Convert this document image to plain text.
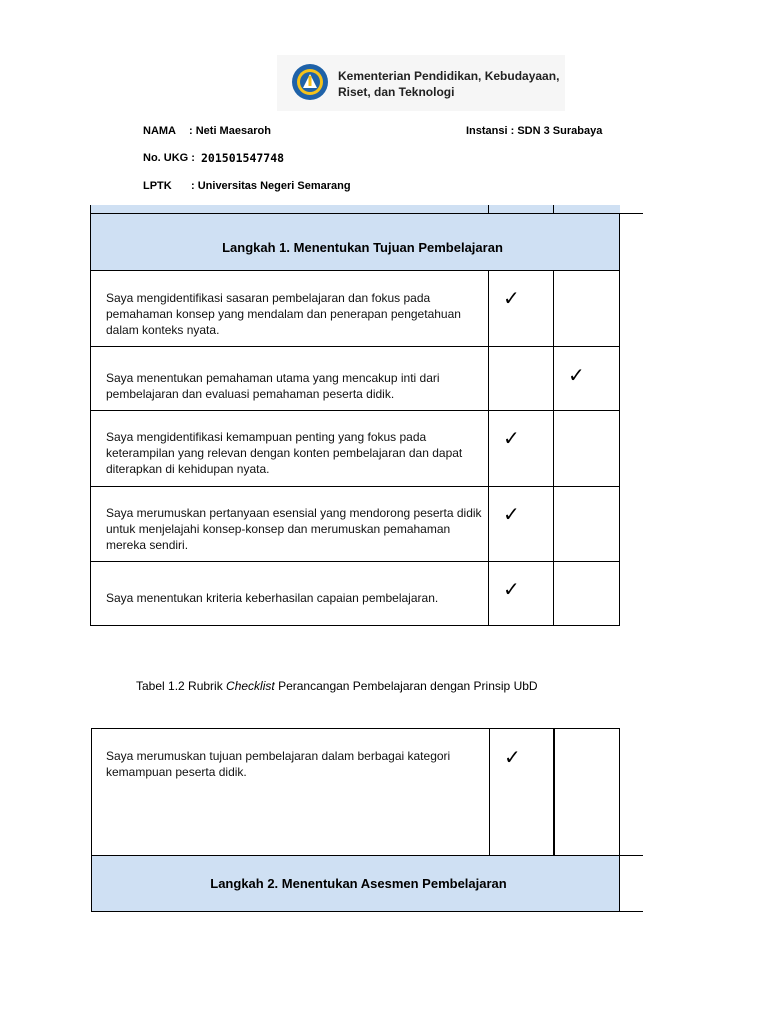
Kementerian Pendidikan, Kebudayaan,
Riset, dan Teknologi
NAMA : Neti Maesaroh	Instansi : SDN 3 Surabaya
No. UKG : 201501547748
LPTK : Universitas Negeri Semarang
Langkah 1. Menentukan Tujuan Pembelajaran
Saya mengidentifikasi sasaran pembelajaran dan fokus pada pemahaman konsep yang mendalam dan penerapan pengetahuan dalam konteks nyata.
✓
Saya menentukan pemahaman utama yang mencakup inti dari pembelajaran dan evaluasi pemahaman peserta didik.
✓
Saya mengidentifikasi kemampuan penting yang fokus pada keterampilan yang relevan dengan konten pembelajaran dan dapat diterapkan di kehidupan nyata.
✓
Saya merumuskan pertanyaan esensial yang mendorong peserta didik untuk menjelajahi konsep-konsep dan merumuskan pemahaman mereka sendiri.
✓
Saya menentukan kriteria keberhasilan capaian pembelajaran.	✓
Tabel 1.2 Rubrik Checklist Perancangan Pembelajaran dengan Prinsip UbD
Langkah 2. Menentukan Asesmen Pembelajaran
Saya merumuskan tujuan pembelajaran dalam berbagai kategori kemampuan peserta didik.
✓
